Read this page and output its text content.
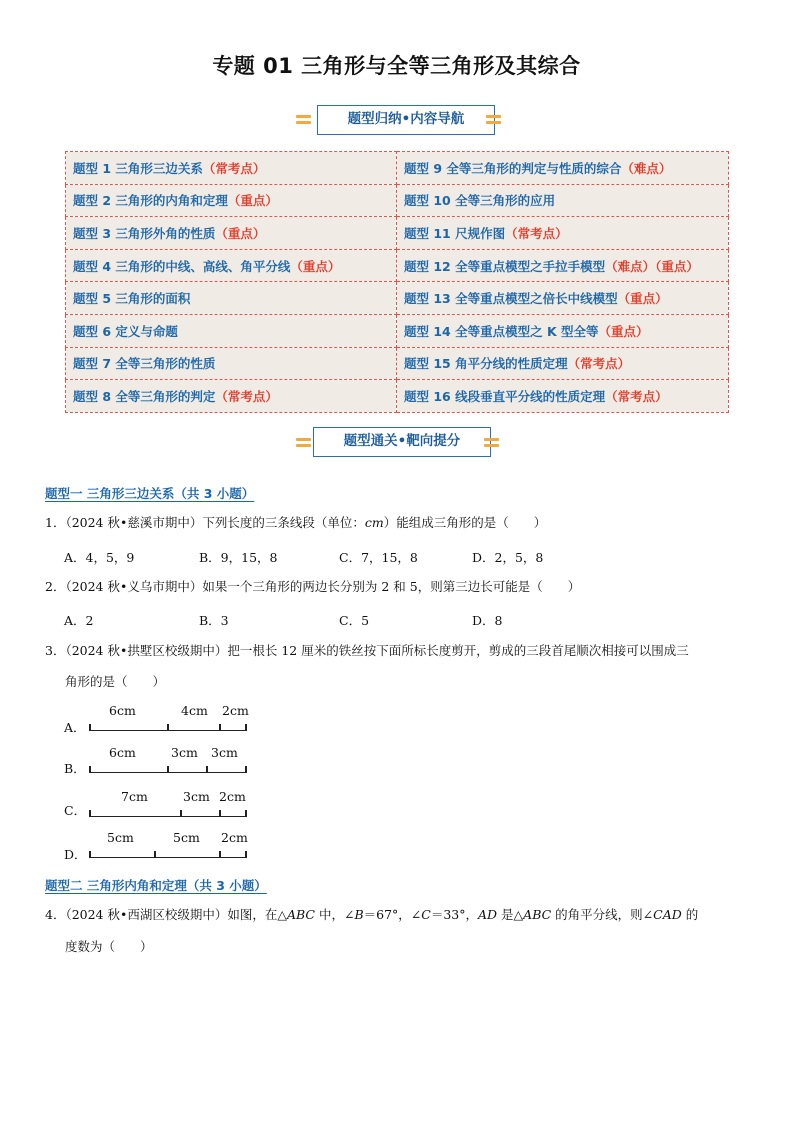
专题 01 三角形与全等三角形及其综合
题型归纳•内容导航
题型 1 三角形三边关系（常考点）	题型 9 全等三角形的判定与性质的综合（难点）
题型 2 三角形的内角和定理（重点）	题型 10 全等三角形的应用
题型 3 三角形外角的性质（重点）	题型 11 尺规作图（常考点）
题型 4 三角形的中线、高线、角平分线（重点）	题型 12 全等重点模型之手拉手模型（难点）（重点）
题型 5 三角形的面积	题型 13 全等重点模型之倍长中线模型（重点）
题型 6 定义与命题	题型 14 全等重点模型之 K 型全等（重点）
题型 7 全等三角形的性质	题型 15 角平分线的性质定理（常考点）
题型 8 全等三角形的判定（常考点）	题型 16 线段垂直平分线的性质定理（常考点）
题型通关•靶向提分
题型一 三角形三边关系（共 3 小题）
1．（2024 秋•慈溪市期中）下列长度的三条线段（单位：cm）能组成三角形的是（　　）
A．4，5，9	B．9，15，8	C．7，15，8	D．2，5，8
2．（2024 秋•义乌市期中）如果一个三角形的两边长分别为 2 和 5，则第三边长可能是（　　）
A．2	B．3	C．5	D．8
3．（2024 秋•拱墅区校级期中）把一根长 12 厘米的铁丝按下面所标长度剪开，剪成的三段首尾顺次相接可以围成三
角形的是（　　）
A．
6cm	4cm 2cm
B．
6cm	3cm 3cm
C．
7cm	3cm 2cm
D．
5cm	5cm 2cm
题型二 三角形内角和定理（共 3 小题）
4．（2024 秋•西湖区校级期中）如图，在△ABC 中，∠B＝67°，∠C＝33°，AD 是△ABC 的角平分线，则∠CAD 的
度数为（　　）
